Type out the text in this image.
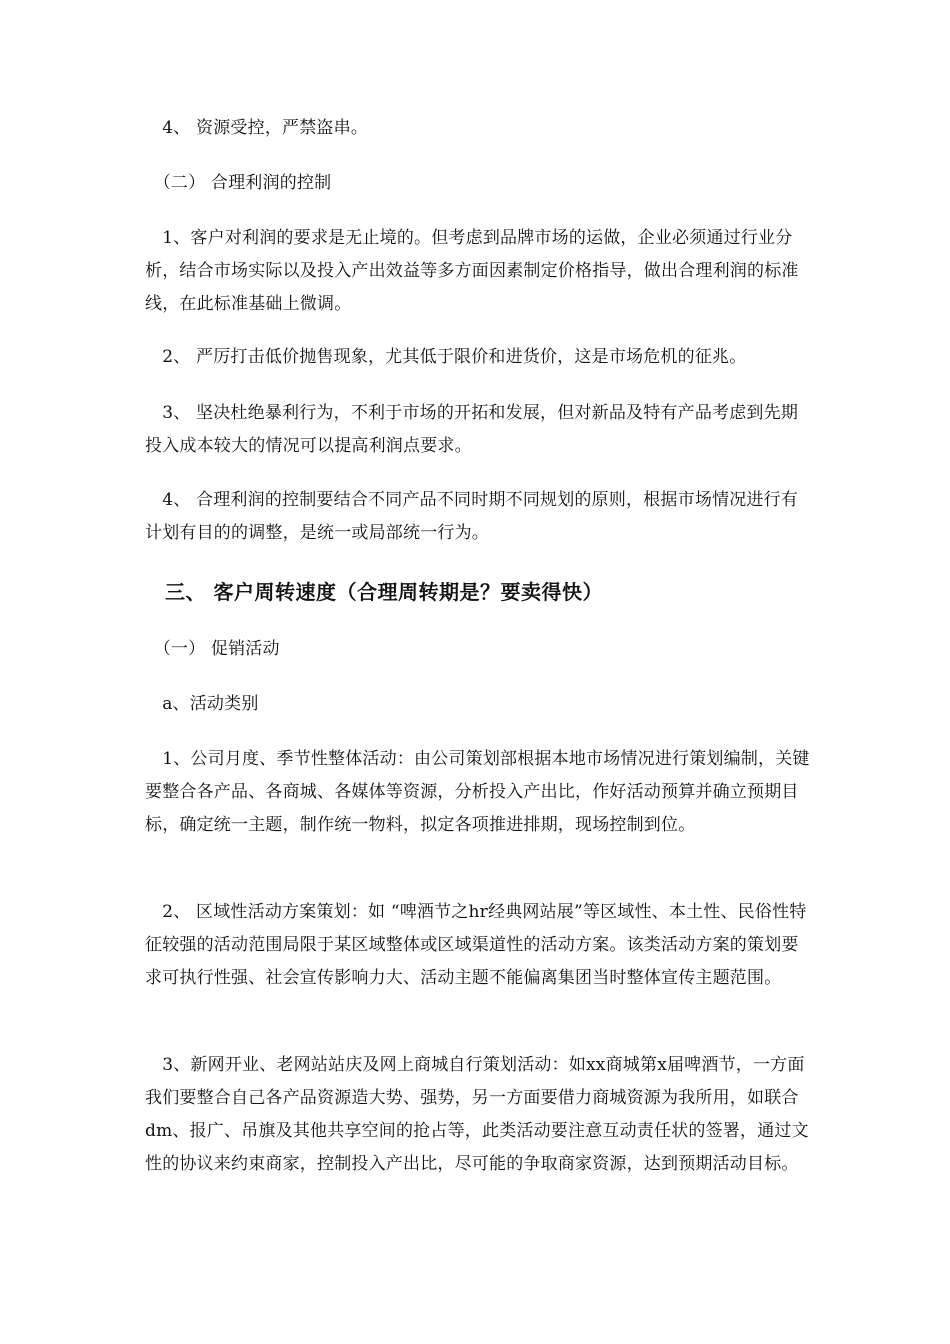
　4、 资源受控，严禁盗串。

　（二） 合理利润的控制

　1、客户对利润的要求是无止境的。但考虑到品牌市场的运做，企业必须通过行业分析，结合市场实际以及投入产出效益等多方面因素制定价格指导，做出合理利润的标准线，在此标准基础上微调。

　2、 严厉打击低价抛售现象，尤其低于限价和进货价，这是市场危机的征兆。

　3、 坚决杜绝暴利行为，不利于市场的开拓和发展，但对新品及特有产品考虑到先期投入成本较大的情况可以提高利润点要求。

　4、 合理利润的控制要结合不同产品不同时期不同规划的原则，根据市场情况进行有计划有目的的调整，是统一或局部统一行为。

三、 客户周转速度（合理周转期是？要卖得快）

　（一） 促销活动

　a、活动类别

　1、公司月度、季节性整体活动：由公司策划部根据本地市场情况进行策划编制，关键要整合各产品、各商城、各媒体等资源，分析投入产出比，作好活动预算并确立预期目标，确定统一主题，制作统一物料，拟定各项推进排期，现场控制到位。

　2、 区域性活动方案策划：如 “啤酒节之hr经典网站展”等区域性、本土性、民俗性特征较强的活动范围局限于某区域整体或区域渠道性的活动方案。该类活动方案的策划要求可执行性强、社会宣传影响力大、活动主题不能偏离集团当时整体宣传主题范围。

　3、新网开业、老网站站庆及网上商城自行策划活动：如xx商城第x届啤酒节，一方面我们要整合自己各产品资源造大势、强势，另一方面要借力商城资源为我所用，如联合dm、报广、吊旗及其他共享空间的抢占等，此类活动要注意互动责任状的签署，通过文性的协议来约束商家，控制投入产出比，尽可能的争取商家资源，达到预期活动目标。
